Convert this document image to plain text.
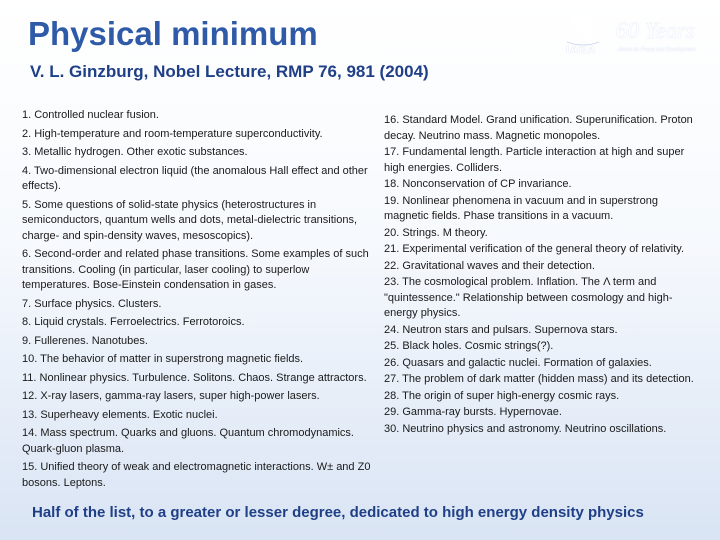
Physical minimum
V. L. Ginzburg, Nobel Lecture, RMP 76, 981 (2004)
60 Years
IAEA	Atoms for Peace and Development
1. Controlled nuclear fusion.
2. High-temperature and room-temperature superconductivity.
3. Metallic hydrogen. Other exotic substances.
4. Two-dimensional electron liquid (the anomalous Hall effect and other effects).
5. Some questions of solid-state physics (heterostructures in semiconductors, quantum wells and dots, metal-dielectric transitions, charge- and spin-density waves, mesoscopics).
6. Second-order and related phase transitions. Some examples of such transitions. Cooling (in particular, laser cooling) to superlow temperatures. Bose-Einstein condensation in gases.
7. Surface physics. Clusters.
8. Liquid crystals. Ferroelectrics. Ferrotoroics.
9. Fullerenes. Nanotubes.
10. The behavior of matter in superstrong magnetic fields.
11. Nonlinear physics. Turbulence. Solitons. Chaos. Strange attractors.
12. X-ray lasers, gamma-ray lasers, super high-power lasers.
13. Superheavy elements. Exotic nuclei.
14. Mass spectrum. Quarks and gluons. Quantum chromodynamics. Quark-gluon plasma.
15. Unified theory of weak and electromagnetic interactions. W± and Z0 bosons. Leptons.
16. Standard Model. Grand unification. Superunification. Proton decay. Neutrino mass. Magnetic monopoles.
17. Fundamental length. Particle interaction at high and super high energies. Colliders.
18. Nonconservation of CP invariance.
19. Nonlinear phenomena in vacuum and in superstrong magnetic fields. Phase transitions in a vacuum.
20. Strings. M theory.
21. Experimental verification of the general theory of relativity.
22. Gravitational waves and their detection.
23. The cosmological problem. Inflation. The Λ term and "quintessence." Relationship between cosmology and high-energy physics.
24. Neutron stars and pulsars. Supernova stars.
25. Black holes. Cosmic strings(?).
26. Quasars and galactic nuclei. Formation of galaxies.
27. The problem of dark matter (hidden mass) and its detection.
28. The origin of super high-energy cosmic rays.
29. Gamma-ray bursts. Hypernovae.
30. Neutrino physics and astronomy. Neutrino oscillations.
Half of the list, to a greater or lesser degree, dedicated to high energy density physics
